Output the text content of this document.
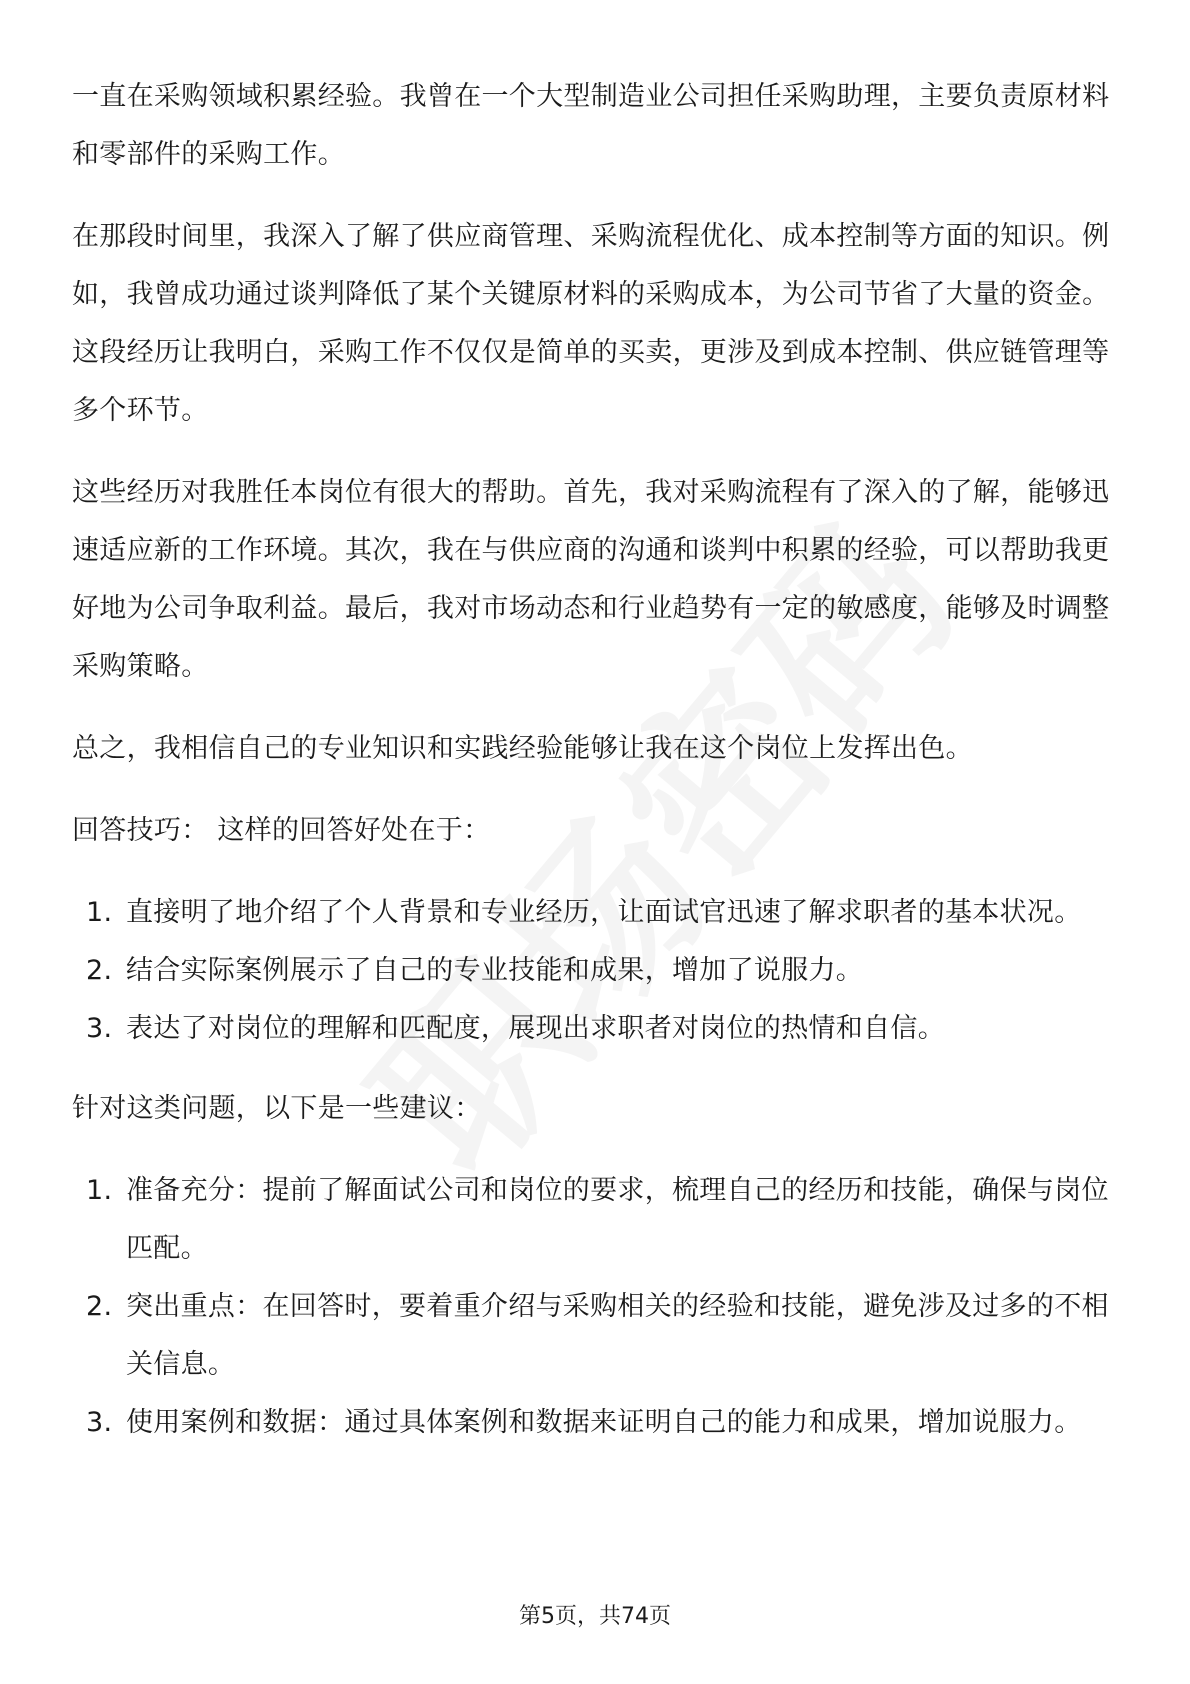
一直在采购领域积累经验。我曾在一个大型制造业公司担任采购助理，主要负责原材料和零部件的采购工作。

在那段时间里，我深入了解了供应商管理、采购流程优化、成本控制等方面的知识。例如，我曾成功通过谈判降低了某个关键原材料的采购成本，为公司节省了大量的资金。这段经历让我明白，采购工作不仅仅是简单的买卖，更涉及到成本控制、供应链管理等多个环节。

这些经历对我胜任本岗位有很大的帮助。首先，我对采购流程有了深入的了解，能够迅速适应新的工作环境。其次，我在与供应商的沟通和谈判中积累的经验，可以帮助我更好地为公司争取利益。最后，我对市场动态和行业趋势有一定的敏感度，能够及时调整采购策略。

总之，我相信自己的专业知识和实践经验能够让我在这个岗位上发挥出色。

回答技巧： 这样的回答好处在于：

1. 直接明了地介绍了个人背景和专业经历，让面试官迅速了解求职者的基本状况。
2. 结合实际案例展示了自己的专业技能和成果，增加了说服力。
3. 表达了对岗位的理解和匹配度，展现出求职者对岗位的热情和自信。

针对这类问题，以下是一些建议：

1. 准备充分：提前了解面试公司和岗位的要求，梳理自己的经历和技能，确保与岗位匹配。
2. 突出重点：在回答时，要着重介绍与采购相关的经验和技能，避免涉及过多的不相关信息。
3. 使用案例和数据：通过具体案例和数据来证明自己的能力和成果，增加说服力。
第5页，共74页
